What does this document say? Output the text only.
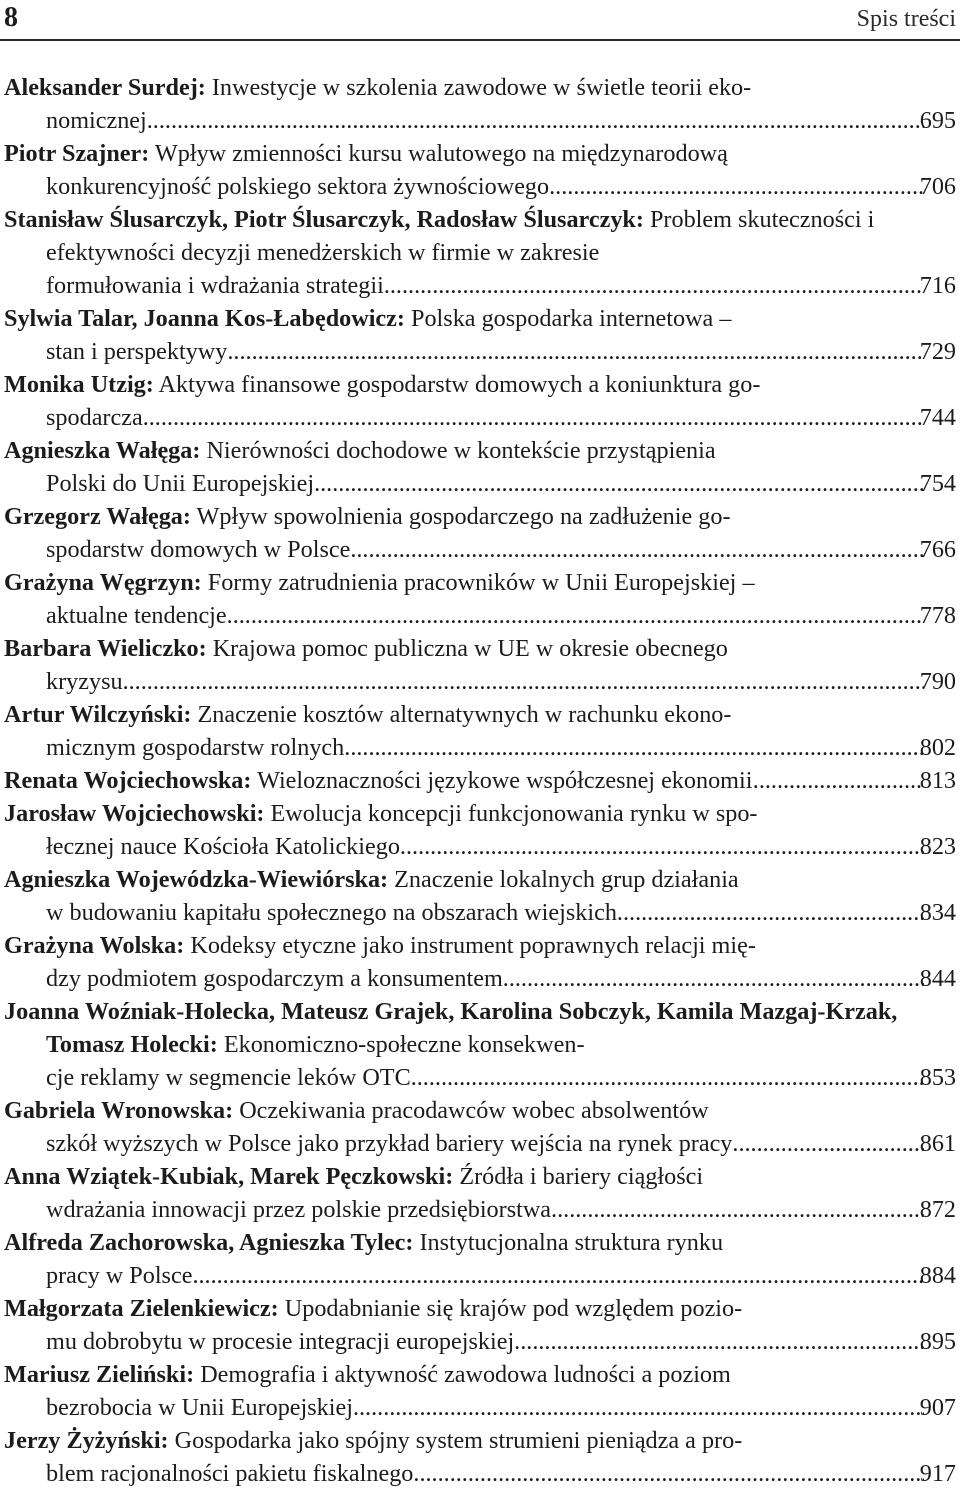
8	Spis treści
Aleksander Surdej: Inwestycje w szkolenia zawodowe w świetle teorii eko-
nomicznej .....	695
Piotr Szajner: Wpływ zmienności kursu walutowego na międzynarodową
konkurencyjność polskiego sektora żywnościowego .....	706
Stanisław Ślusarczyk, Piotr Ślusarczyk, Radosław Ślusarczyk: Problem skuteczności i efektywności decyzji menedżerskich w firmie w zakresie
formułowania i wdrażania strategii .....	716
Sylwia Talar, Joanna Kos-Łabędowicz: Polska gospodarka internetowa –
stan i perspektywy .....	729
Monika Utzig: Aktywa finansowe gospodarstw domowych a koniunktura go-
spodarcza .....	744
Agnieszka Wałęga: Nierówności dochodowe w kontekście przystąpienia
Polski do Unii Europejskiej .....	754
Grzegorz Wałęga: Wpływ spowolnienia gospodarczego na zadłużenie go-
spodarstw domowych w Polsce .....	766
Grażyna Węgrzyn: Formy zatrudnienia pracowników w Unii Europejskiej –
aktualne tendencje .....	778
Barbara Wieliczko: Krajowa pomoc publiczna w UE w okresie obecnego
kryzysu .....	790
Artur Wilczyński: Znaczenie kosztów alternatywnych w rachunku ekono-
micznym gospodarstw rolnych .....	802
Renata Wojciechowska: Wieloznaczności językowe współczesnej ekonomii .....	813
Jarosław Wojciechowski: Ewolucja koncepcji funkcjonowania rynku w spo-
łecznej nauce Kościoła Katolickiego .....	823
Agnieszka Wojewódzka-Wiewiórska: Znaczenie lokalnych grup działania
w budowaniu kapitału społecznego na obszarach wiejskich .....	834
Grażyna Wolska: Kodeksy etyczne jako instrument poprawnych relacji mię-
dzy podmiotem gospodarczym a konsumentem .....	844
Joanna Woźniak-Holecka, Mateusz Grajek, Karolina Sobczyk, Kamila Mazgaj-Krzak, Tomasz Holecki: Ekonomiczno-społeczne konsekwen-
cje reklamy w segmencie leków OTC .....	853
Gabriela Wronowska: Oczekiwania pracodawców wobec absolwentów
szkół wyższych w Polsce jako przykład bariery wejścia na rynek pracy .....	861
Anna Wziątek-Kubiak, Marek Pęczkowski: Źródła i bariery ciągłości
wdrażania innowacji przez polskie przedsiębiorstwa .....	872
Alfreda Zachorowska, Agnieszka Tylec: Instytucjonalna struktura rynku
pracy w Polsce .....	884
Małgorzata Zielenkiewicz: Upodabnianie się krajów pod względem pozio-
mu dobrobytu w procesie integracji europejskiej .....	895
Mariusz Zieliński: Demografia i aktywność zawodowa ludności a poziom
bezrobocia w Unii Europejskiej .....	907
Jerzy Żyżyński: Gospodarka jako spójny system strumieni pieniądza a pro-
blem racjonalności pakietu fiskalnego .....	917
